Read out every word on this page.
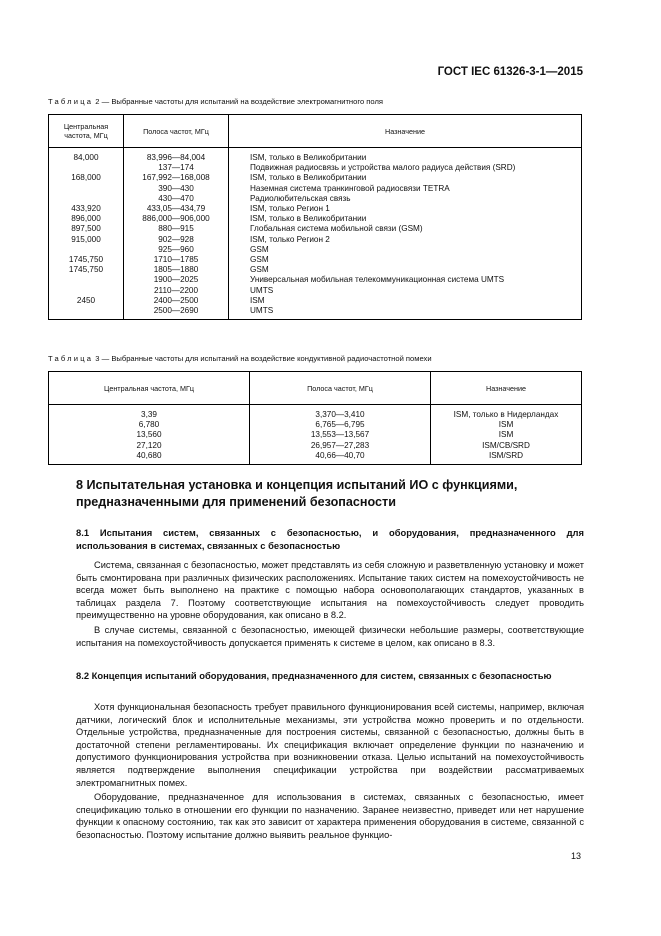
ГОСТ IEC 61326-3-1—2015
Таблица 2 — Выбранные частоты для испытаний на воздействие электромагнитного поля
Центральная частота, МГц	Полоса частот, МГц	Назначение
84,000	83,996—84,004	ISM, только в Великобритании
	137—174	Подвижная радиосвязь и устройства малого радиуса действия (SRD)
168,000	167,992—168,008	ISM, только в Великобритании
	390—430	Наземная система транкинговой радиосвязи TETRA
	430—470	Радиолюбительская связь
433,920	433,05—434,79	ISM, только Регион 1
896,000	886,000—906,000	ISM, только в Великобритании
897,500	880—915	Глобальная система мобильной связи (GSM)
915,000	902—928	ISM, только Регион 2
	925—960	GSM
1745,750	1710—1785	GSM
1745,750	1805—1880	GSM
	1900—2025	Универсальная мобильная телекоммуникационная система UMTS
	2110—2200	UMTS
2450	2400—2500	ISM
	2500—2690	UMTS
Таблица 3 — Выбранные частоты для испытаний на воздействие кондуктивной радиочастотной помехи
Центральная частота, МГц	Полоса частот, МГц	Назначение
3,39	3,370—3,410	ISM, только в Нидерландах
6,780	6,765—6,795	ISM
13,560	13,553—13,567	ISM
27,120	26,957—27,283	ISM/CB/SRD
40,680	40,66—40,70	ISM/SRD
8 Испытательная установка и концепция испытаний ИО с функциями, предназначенными для применений безопасности
8.1 Испытания систем, связанных с безопасностью, и оборудования, предназначенного для использования в системах, связанных с безопасностью
Система, связанная с безопасностью, может представлять из себя сложную и разветвленную установку и может быть смонтирована при различных физических расположениях. Испытание таких систем на помехоустойчивость не всегда может быть выполнено на практике с помощью набора основополагающих стандартов, указанных в таблицах раздела 7. Поэтому соответствующие испытания на помехоустойчивость следует проводить преимущественно на уровне оборудования, как описано в 8.2.
В случае системы, связанной с безопасностью, имеющей физически небольшие размеры, соответствующие испытания на помехоустойчивость допускается применять к системе в целом, как описано в 8.3.
8.2 Концепция испытаний оборудования, предназначенного для систем, связанных с безопасностью
Хотя функциональная безопасность требует правильного функционирования всей системы, например, включая датчики, логический блок и исполнительные механизмы, эти устройства можно проверить и по отдельности. Отдельные устройства, предназначенные для построения системы, связанной с безопасностью, должны быть в достаточной степени регламентированы. Их спецификация включает определение функции по назначению и допустимого функционирования устройства при возникновении отказа. Целью испытаний на помехоустойчивость является подтверждение выполнения спецификации устройства при воздействии рассматриваемых электромагнитных помех.
Оборудование, предназначенное для использования в системах, связанных с безопасностью, имеет спецификацию только в отношении его функции по назначению. Заранее неизвестно, приведет или нет нарушение функции к опасному состоянию, так как это зависит от характера применения оборудования в системе, связанной с безопасностью. Поэтому испытание должно выявить реальное функцио-
13
